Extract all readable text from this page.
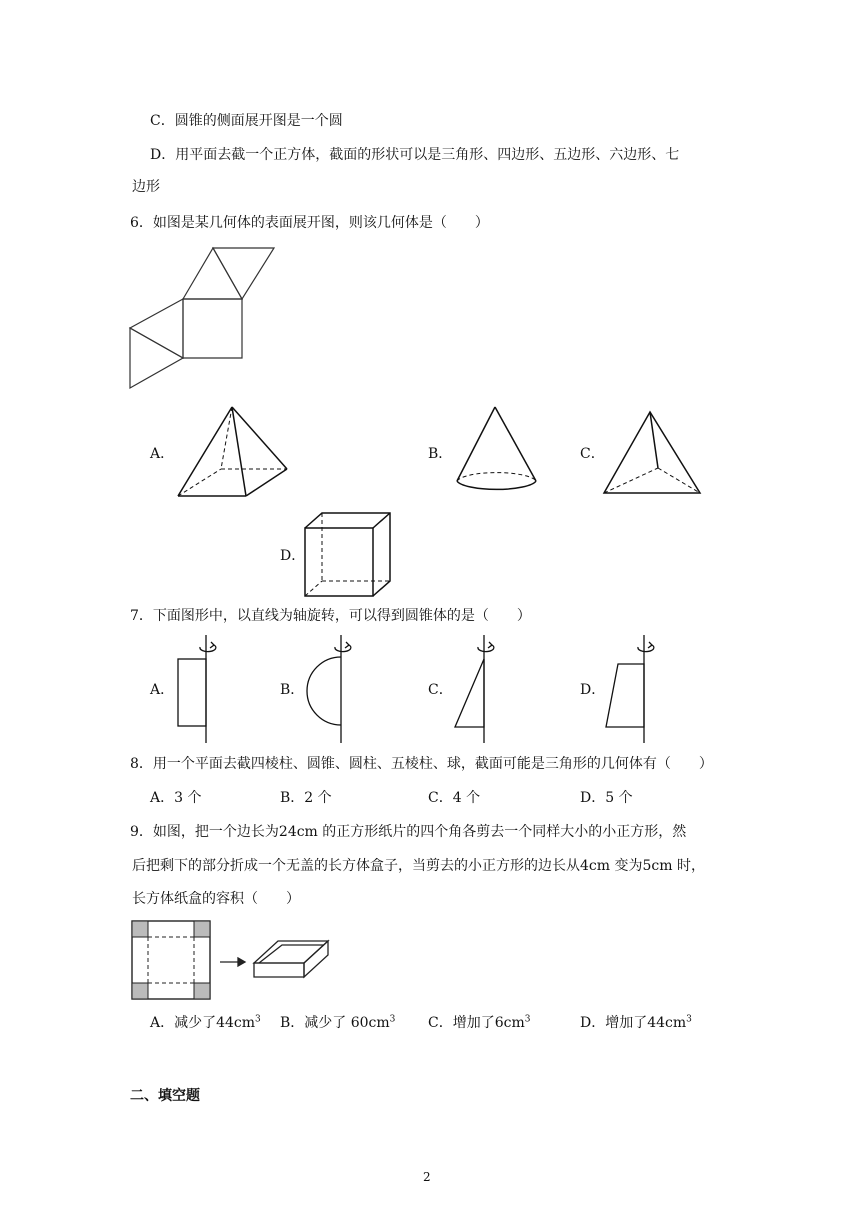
C．圆锥的侧面展开图是一个圆
D．用平面去截一个正方体，截面的形状可以是三角形、四边形、五边形、六边形、七
边形
6．如图是某几何体的表面展开图，则该几何体是（　　）
A．	B．	C．
D．
7．下面图形中，以直线为轴旋转，可以得到圆锥体的是（　　）
A．	B．	C．	D．
8．用一个平面去截四棱柱、圆锥、圆柱、五棱柱、球，截面可能是三角形的几何体有（　　）
A．3 个	B．2 个	C．4 个	D．5 个
9．如图，把一个边长为24cm 的正方形纸片的四个角各剪去一个同样大小的小正方形，然
后把剩下的部分折成一个无盖的长方体盒子，当剪去的小正方形的边长从4cm 变为5cm 时，
长方体纸盒的容积（　　）
A．减少了$44cm^3$ B．减少了 $60cm^3$ C．增加了$6cm^3$	D．增加了$44cm^3$
二、填空题
2
